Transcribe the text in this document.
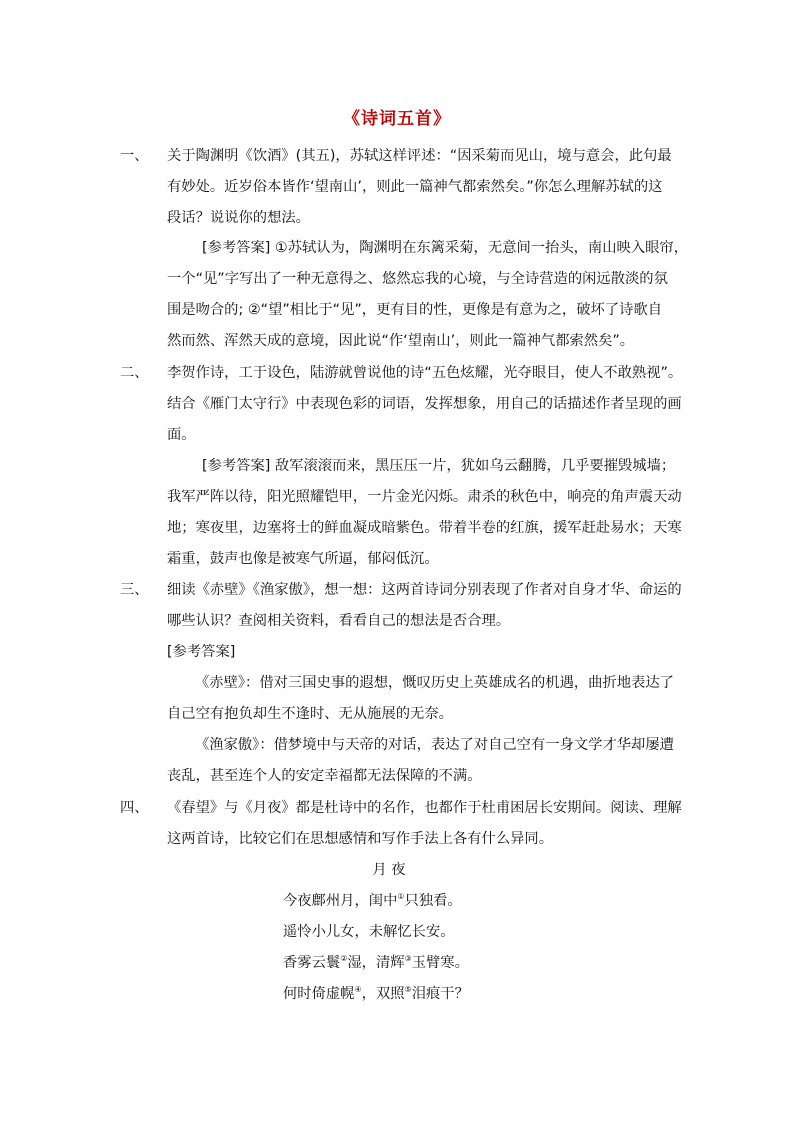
《诗词五首》
一、 关于陶渊明《饮酒》(其五)，苏轼这样评述：“因采菊而见山，境与意会，此句最
有妙处。近岁俗本皆作‘望南山’，则此一篇神气都索然矣。”你怎么理解苏轼的这
段话？说说你的想法。
[参考答案] ①苏轼认为，陶渊明在东篱采菊，无意间一抬头，南山映入眼帘，
一个“见”字写出了一种无意得之、悠然忘我的心境，与全诗营造的闲远散淡的氛
围是吻合的; ②“望”相比于“见”，更有目的性，更像是有意为之，破坏了诗歌自
然而然、浑然天成的意境，因此说“作‘望南山’，则此一篇神气都索然矣”。
二、 李贺作诗，工于设色，陆游就曾说他的诗“五色炫耀，光夺眼目，使人不敢熟视”。
结合《雁门太守行》中表现色彩的词语，发挥想象，用自己的话描述作者呈现的画
面。
[参考答案] 敌军滚滚而来，黑压压一片，犹如乌云翻腾，几乎要摧毁城墙；
我军严阵以待，阳光照耀铠甲，一片金光闪烁。肃杀的秋色中，响亮的角声震天动
地；寒夜里，边塞将士的鲜血凝成暗紫色。带着半卷的红旗，援军赶赴易水；天寒
霜重，鼓声也像是被寒气所逼，郁闷低沉。
三、 细读《赤壁》《渔家傲》，想一想：这两首诗词分别表现了作者对自身才华、命运的
哪些认识？查阅相关资料，看看自己的想法是否合理。
[参考答案]
《赤壁》：借对三国史事的遐想，慨叹历史上英雄成名的机遇，曲折地表达了
自己空有抱负却生不逢时、无从施展的无奈。
《渔家傲》：借梦境中与天帝的对话，表达了对自己空有一身文学才华却屡遭
丧乱，甚至连个人的安定幸福都无法保障的不满。
四、 《春望》与《月夜》都是杜诗中的名作，也都作于杜甫困居长安期间。阅读、理解
这两首诗，比较它们在思想感情和写作手法上各有什么异同。
月 夜
今夜鄜州月，闺中①只独看。
遥怜小儿女，未解忆长安。
香雾云鬟②湿，清辉③玉臂寒。
何时倚虚幌④，双照⑤泪痕干？
